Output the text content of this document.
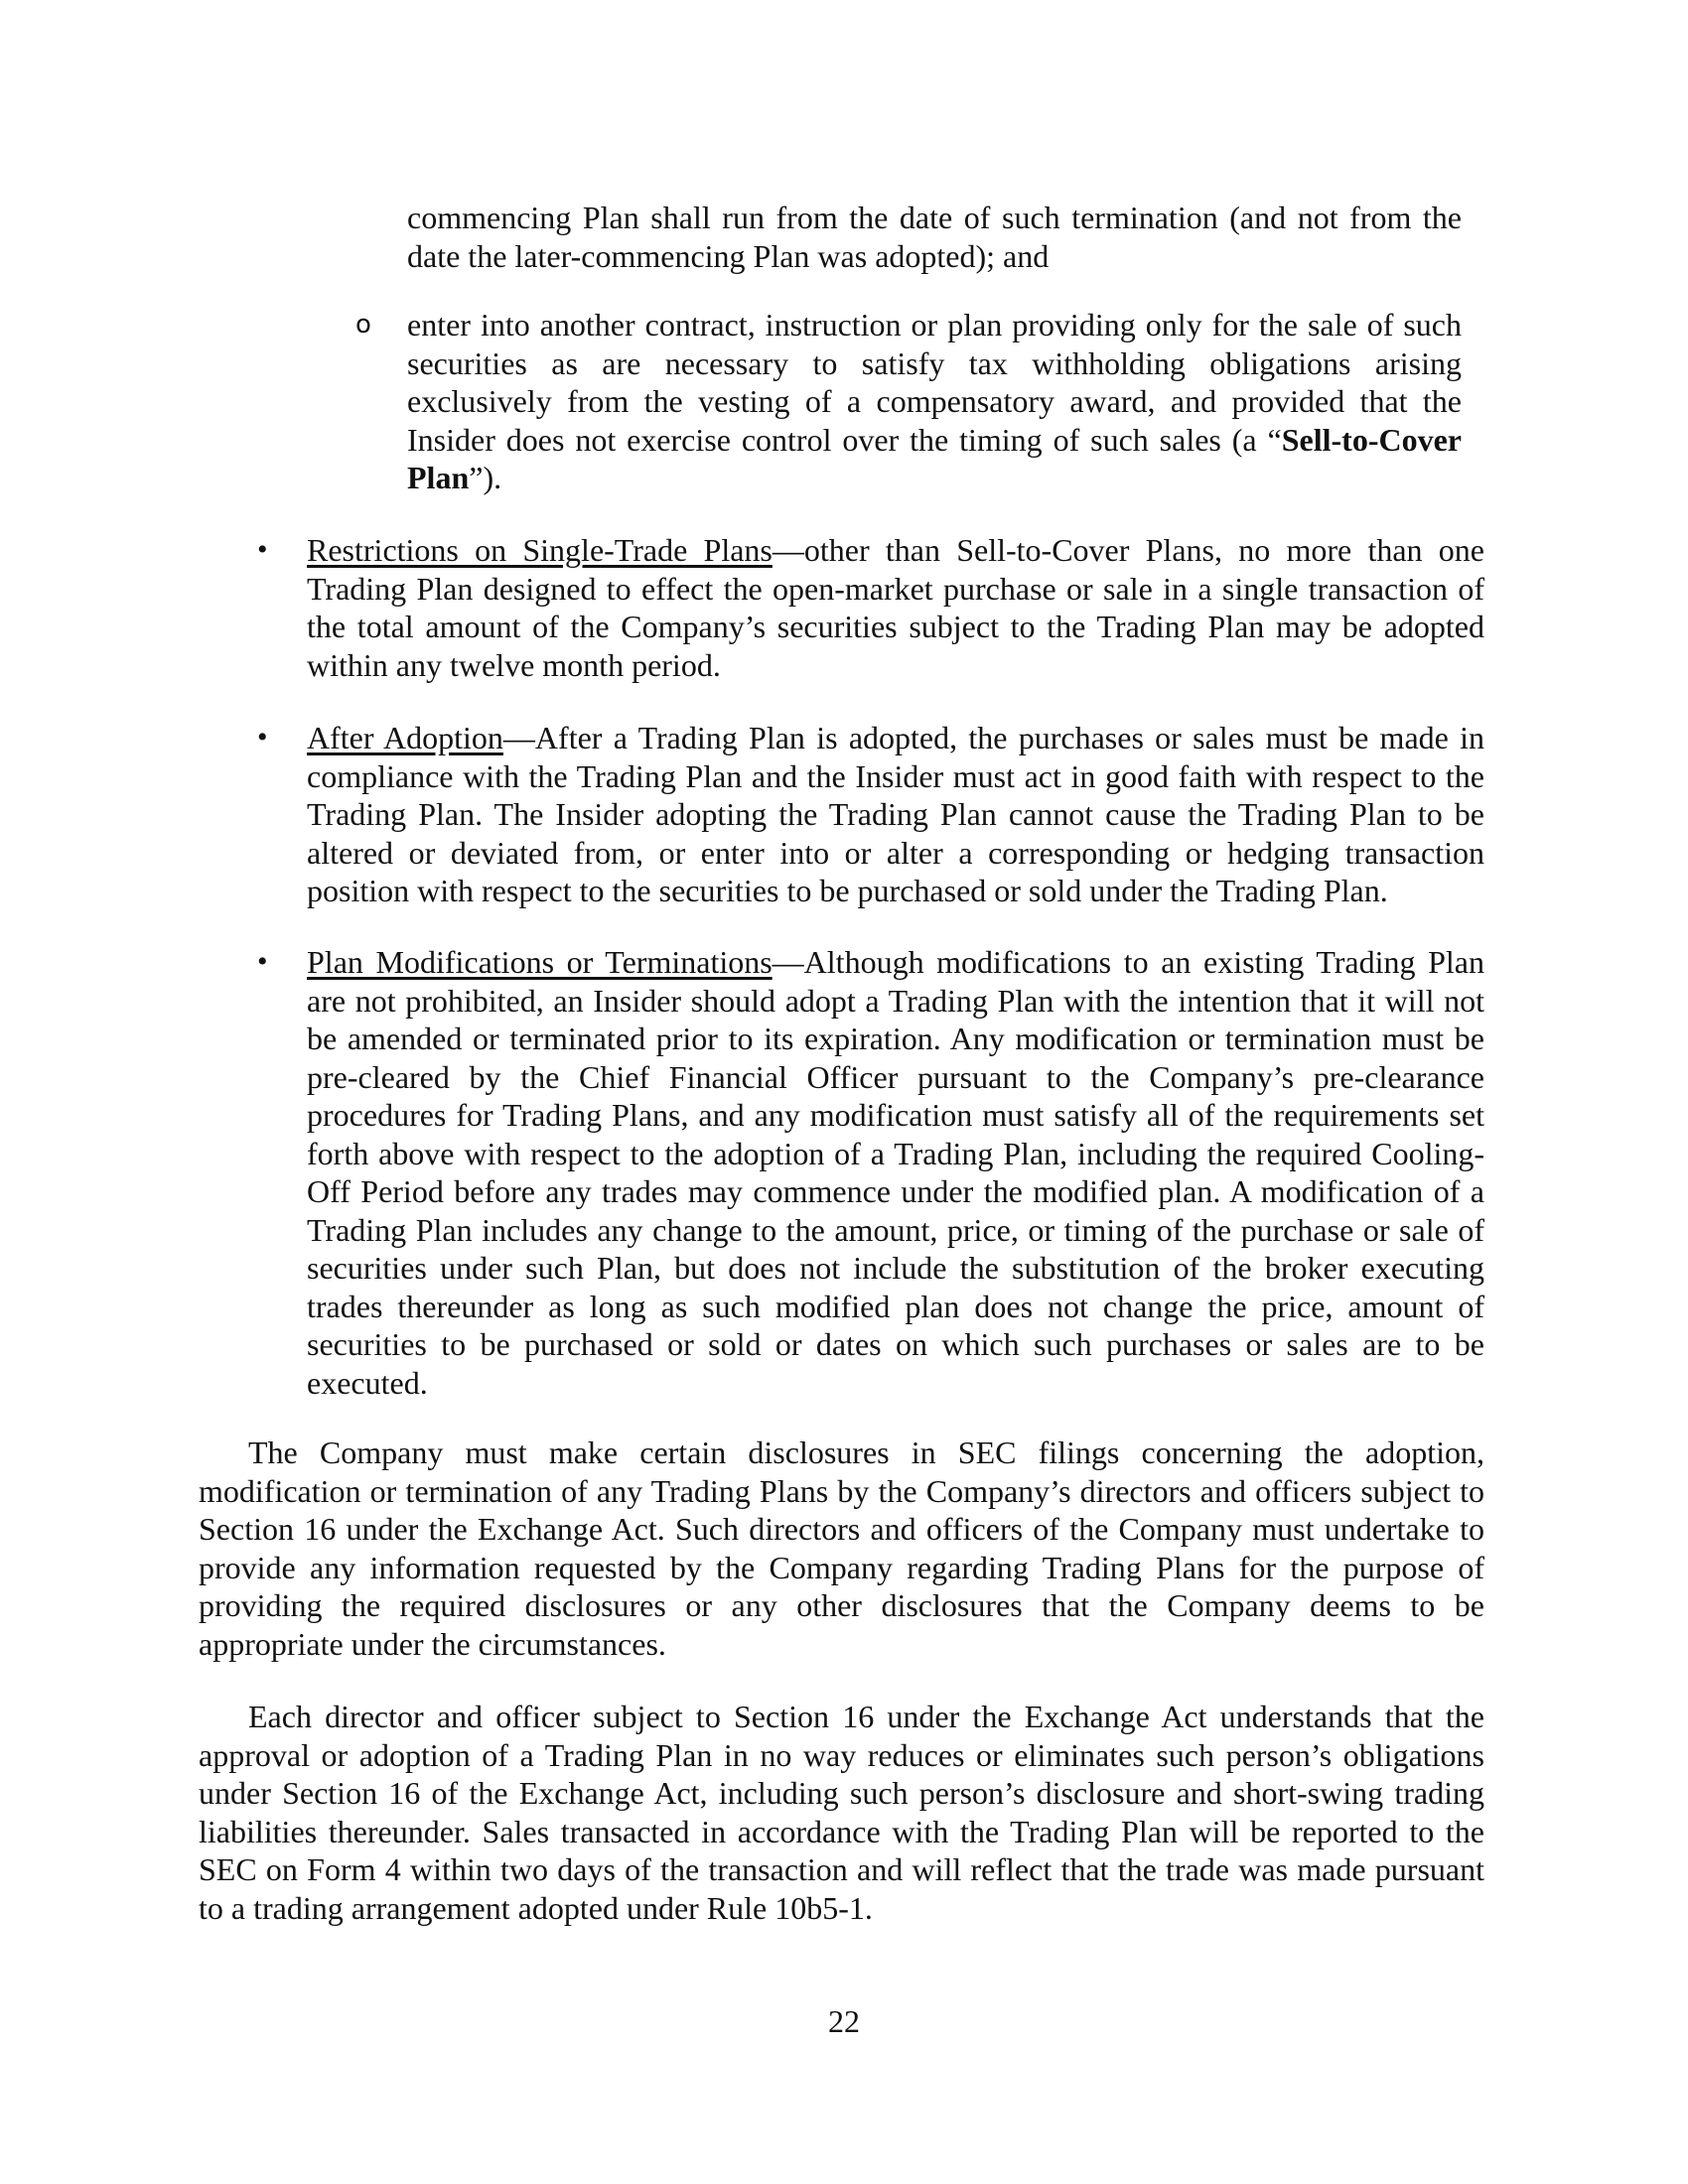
commencing Plan shall run from the date of such termination (and not from the date the later-commencing Plan was adopted); and

o enter into another contract, instruction or plan providing only for the sale of such securities as are necessary to satisfy tax withholding obligations arising exclusively from the vesting of a compensatory award, and provided that the Insider does not exercise control over the timing of such sales (a “Sell-to-Cover Plan”).
• Restrictions on Single-Trade Plans—other than Sell-to-Cover Plans, no more than one Trading Plan designed to effect the open-market purchase or sale in a single transaction of the total amount of the Company’s securities subject to the Trading Plan may be adopted within any twelve month period.
• After Adoption—After a Trading Plan is adopted, the purchases or sales must be made in compliance with the Trading Plan and the Insider must act in good faith with respect to the Trading Plan. The Insider adopting the Trading Plan cannot cause the Trading Plan to be altered or deviated from, or enter into or alter a corresponding or hedging transaction position with respect to the securities to be purchased or sold under the Trading Plan.
• Plan Modifications or Terminations—Although modifications to an existing Trading Plan are not prohibited, an Insider should adopt a Trading Plan with the intention that it will not be amended or terminated prior to its expiration. Any modification or termination must be pre-cleared by the Chief Financial Officer pursuant to the Company’s pre-clearance procedures for Trading Plans, and any modification must satisfy all of the requirements set forth above with respect to the adoption of a Trading Plan, including the required Cooling-Off Period before any trades may commence under the modified plan. A modification of a Trading Plan includes any change to the amount, price, or timing of the purchase or sale of securities under such Plan, but does not include the substitution of the broker executing trades thereunder as long as such modified plan does not change the price, amount of securities to be purchased or sold or dates on which such purchases or sales are to be executed.

The Company must make certain disclosures in SEC filings concerning the adoption, modification or termination of any Trading Plans by the Company’s directors and officers subject to Section 16 under the Exchange Act. Such directors and officers of the Company must undertake to provide any information requested by the Company regarding Trading Plans for the purpose of providing the required disclosures or any other disclosures that the Company deems to be appropriate under the circumstances.

Each director and officer subject to Section 16 under the Exchange Act understands that the approval or adoption of a Trading Plan in no way reduces or eliminates such person’s obligations under Section 16 of the Exchange Act, including such person’s disclosure and short-swing trading liabilities thereunder. Sales transacted in accordance with the Trading Plan will be reported to the SEC on Form 4 within two days of the transaction and will reflect that the trade was made pursuant to a trading arrangement adopted under Rule 10b5-1.

22
